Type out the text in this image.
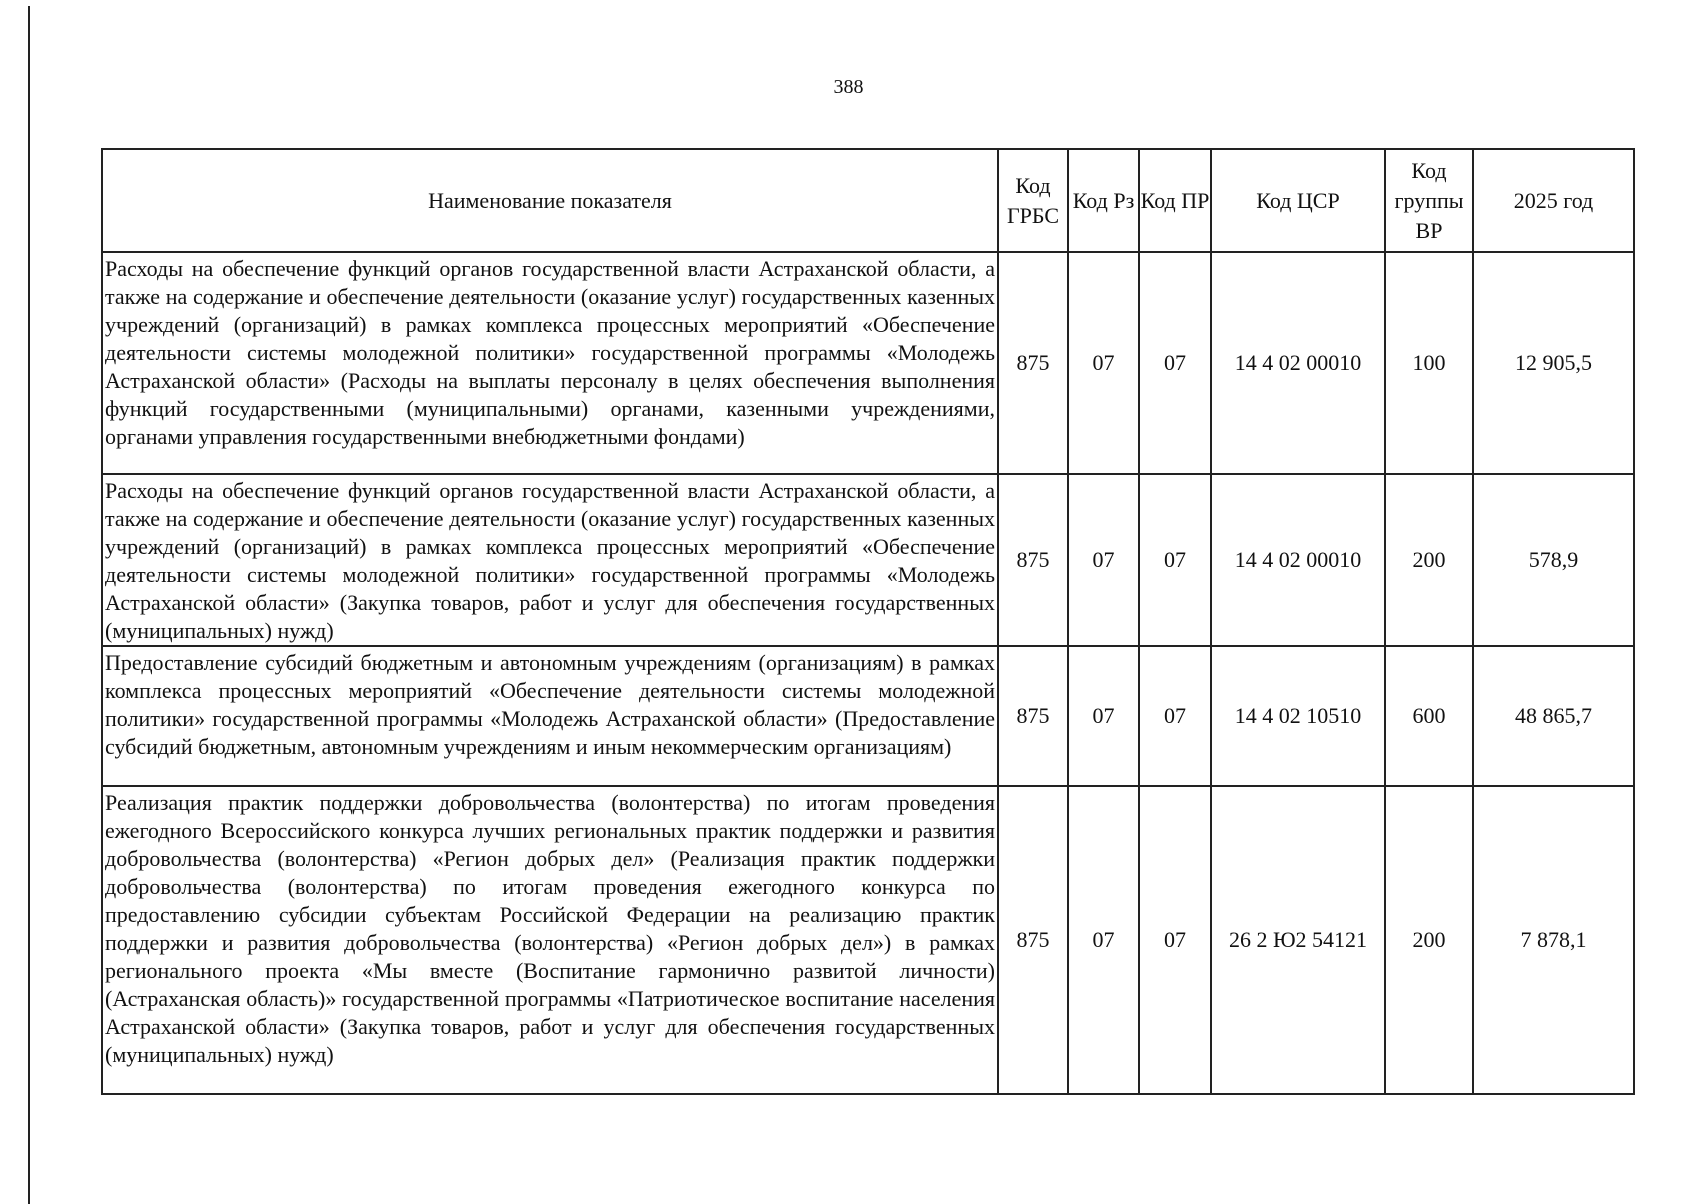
388
Наименование показателя	Код ГРБС	Код Рз	Код ПР	Код ЦСР	Код группы ВР	2025 год
Расходы на обеспечение функций органов государственной власти Астраханской области, а также на содержание и обеспечение деятельности (оказание услуг) государственных казенных учреждений (организаций) в рамках комплекса процессных мероприятий «Обеспечение деятельности системы молодежной политики» государственной программы «Молодежь Астраханской области» (Расходы на выплаты персоналу в целях обеспечения выполнения функций государственными (муниципальными) органами, казенными учреждениями, органами управления государственными внебюджетными фондами)	875	07	07	14 4 02 00010	100	12 905,5
Расходы на обеспечение функций органов государственной власти Астраханской области, а также на содержание и обеспечение деятельности (оказание услуг) государственных казенных учреждений (организаций) в рамках комплекса процессных мероприятий «Обеспечение деятельности системы молодежной политики» государственной программы «Молодежь Астраханской области» (Закупка товаров, работ и услуг для обеспечения государственных (муниципальных) нужд)	875	07	07	14 4 02 00010	200	578,9
Предоставление субсидий бюджетным и автономным учреждениям (организациям) в рамках комплекса процессных мероприятий «Обеспечение деятельности системы молодежной политики» государственной программы «Молодежь Астраханской области» (Предоставление субсидий бюджетным, автономным учреждениям и иным некоммерческим организациям)	875	07	07	14 4 02 10510	600	48 865,7
Реализация практик поддержки добровольчества (волонтерства) по итогам проведения ежегодного Всероссийского конкурса лучших региональных практик поддержки и развития добровольчества (волонтерства) «Регион добрых дел» (Реализация практик поддержки добровольчества (волонтерства) по итогам проведения ежегодного конкурса по предоставлению субсидии субъектам Российской Федерации на реализацию практик поддержки и развития добровольчества (волонтерства) «Регион добрых дел») в рамках регионального проекта «Мы вместе (Воспитание гармонично развитой личности) (Астраханская область)» государственной программы «Патриотическое воспитание населения Астраханской области» (Закупка товаров, работ и услуг для обеспечения государственных (муниципальных) нужд)	875	07	07	26 2 Ю2 54121	200	7 878,1
